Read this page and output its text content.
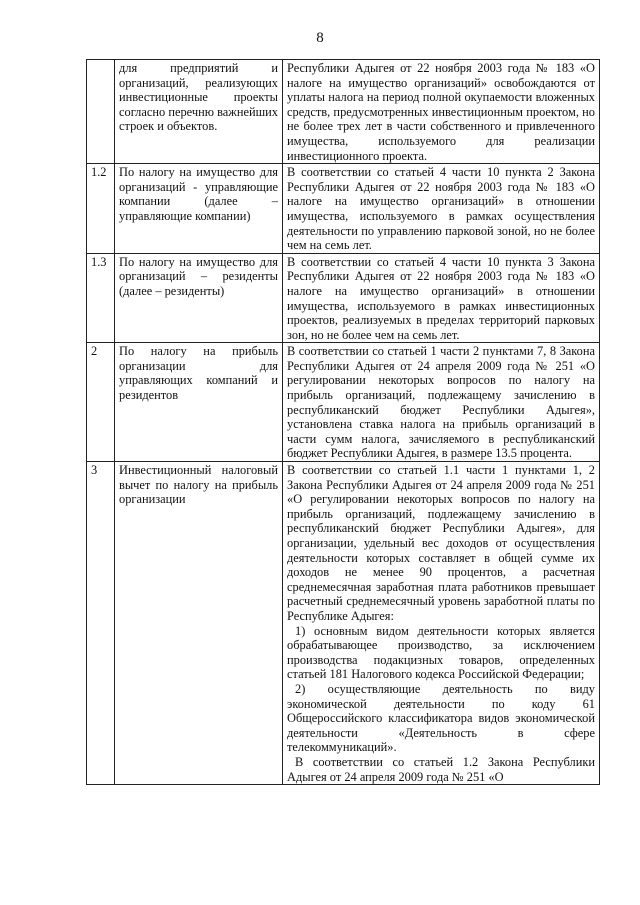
8
	для предприятий и организаций, реализующих инвестиционные проекты согласно перечню важнейших строек и объектов.	Республики Адыгея от 22 ноября 2003 года № 183 «О налоге на имущество организаций» освобождаются от уплаты налога на период полной окупаемости вложенных средств, предусмотренных инвестиционным проектом, но не более трех лет в части собственного и привлеченного имущества, используемого для реализации инвестиционного проекта.

1.2	По налогу на имущество для организаций - управляющие компании (далее – управляющие компании)	В соответствии со статьей 4 части 10 пункта 2 Закона Республики Адыгея от 22 ноября 2003 года № 183 «О налоге на имущество организаций» в отношении имущества, используемого в рамках осуществления деятельности по управлению парковой зоной, но не более чем на семь лет.

1.3	По налогу на имущество для организаций – резиденты (далее – резиденты)	В соответствии со статьей 4 части 10 пункта 3 Закона Республики Адыгея от 22 ноября 2003 года № 183 «О налоге на имущество организаций» в отношении имущества, используемого в рамках инвестиционных проектов, реализуемых в пределах территорий парковых зон, но не более чем на семь лет.

2	По налогу на прибыль организации для управляющих компаний и резидентов	В соответствии со статьей 1 части 2 пунктами 7, 8 Закона Республики Адыгея от 24 апреля 2009 года № 251 «О регулировании некоторых вопросов по налогу на прибыль организаций, подлежащему зачислению в республиканский бюджет Республики Адыгея», установлена ставка налога на прибыль организаций в части сумм налога, зачисляемого в республиканский бюджет Республики Адыгея, в размере 13.5 процента.

3	Инвестиционный налоговый вычет по налогу на прибыль организации	В соответствии со статьей 1.1 части 1 пунктами 1, 2 Закона Республики Адыгея от 24 апреля 2009 года № 251 «О регулировании некоторых вопросов по налогу на прибыль организаций, подлежащему зачислению в республиканский бюджет Республики Адыгея», для организации, удельный вес доходов от осуществления деятельности которых составляет в общей сумме их доходов не менее 90 процентов, а расчетная среднемесячная заработная плата работников превышает расчетный среднемесячный уровень заработной платы по Республике Адыгея:

1) основным видом деятельности которых является обрабатывающее производство, за исключением производства подакцизных товаров, определенных статьей 181 Налогового кодекса Российской Федерации;

2) осуществляющие деятельность по виду экономической деятельности по коду 61 Общероссийского классификатора видов экономической деятельности «Деятельность в сфере телекоммуникаций».

В соответствии со статьей 1.2 Закона Республики Адыгея от 24 апреля 2009 года № 251 «О
